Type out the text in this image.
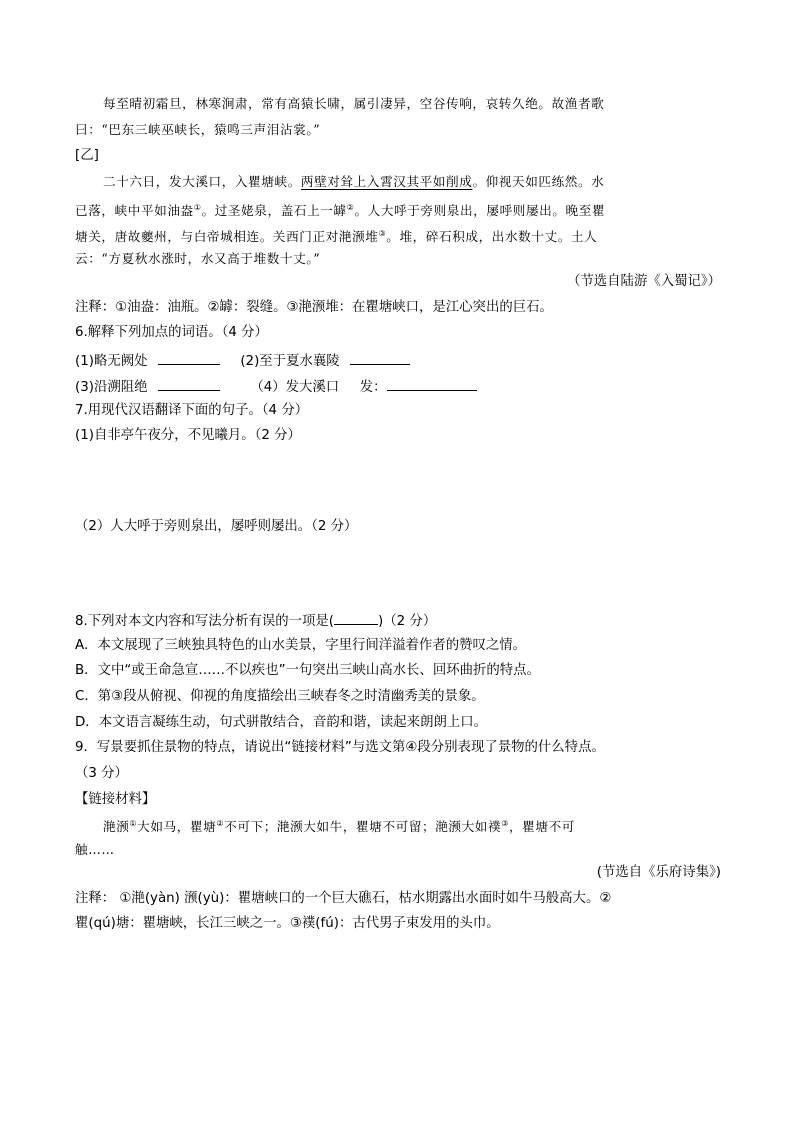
每至晴初霜旦，林寒涧肃，常有高猿长啸，属引凄异，空谷传响，哀转久绝。故渔者歌
曰：“巴东三峡巫峡长，猿鸣三声泪沾裳。”
[乙]
二十六日，发大溪口，入瞿塘峡。两壁对耸上入霄汉其平如削成。仰视天如匹练然。水
已落，峡中平如油盎①。过圣姥泉，盖石上一罅②。人大呼于旁则泉出，屡呼则屡出。晚至瞿
塘关，唐故夔州，与白帝城相连。关西门正对滟滪堆③。堆，碎石积成，出水数十丈。土人
云：“方夏秋水涨时，水又高于堆数十丈。”
（节选自陆游《入蜀记》）
注释：①油盎：油瓶。②罅：裂缝。③滟滪堆：在瞿塘峡口，是江心突出的巨石。
6.解释下列加点的词语。（4 分）
(1)略无阙处	(2)至于夏水襄陵
(3)沿溯阻绝	（4）发大溪口 发：
7.用现代汉语翻译下面的句子。（4 分）
(1)自非亭午夜分，不见曦月。（2 分）
（2）人大呼于旁则泉出，屡呼则屡出。（2 分）
8.下列对本文内容和写法分析有误的一项是(	)（2 分）
A．本文展现了三峡独具特色的山水美景，字里行间洋溢着作者的赞叹之情。
B．文中“或王命急宣……不以疾也”一句突出三峡山高水长、回环曲折的特点。
C．第③段从俯视、仰视的角度描绘出三峡春冬之时清幽秀美的景象。
D．本文语言凝练生动，句式骈散结合，音韵和谐，读起来朗朗上口。
9．写景要抓住景物的特点，请说出“链接材料”与选文第④段分别表现了景物的什么特点。
（3 分）
【链接材料】
滟滪①大如马，瞿塘②不可下；滟滪大如牛，瞿塘不可留；滟滪大如襆③，瞿塘不可
触……
(节选自《乐府诗集》)
注释： ①滟(yàn) 滪(yù)：瞿塘峡口的一个巨大礁石，枯水期露出水面时如牛马般高大。②
瞿(qú)塘：瞿塘峡，长江三峡之一。③襆(fú)：古代男子束发用的头巾。
